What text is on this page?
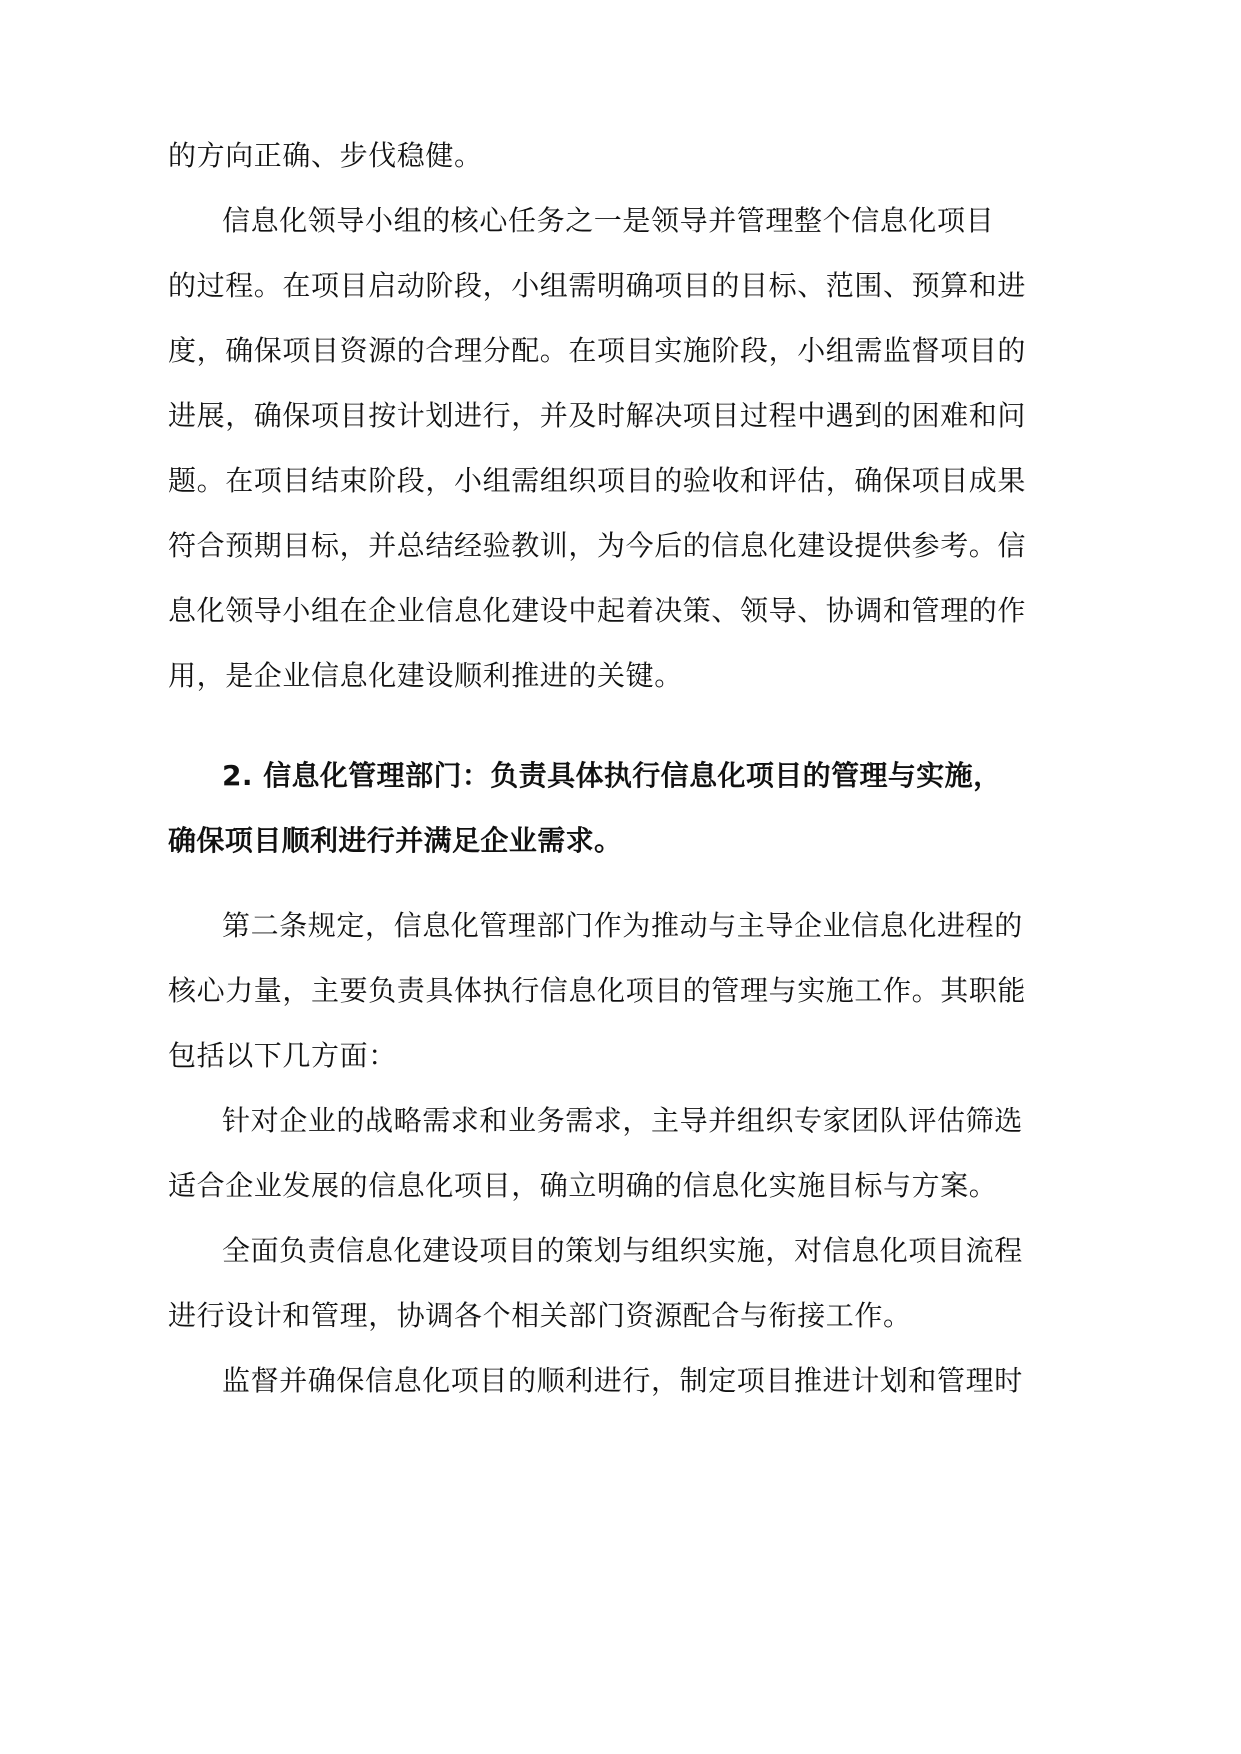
的方向正确、步伐稳健。

信息化领导小组的核心任务之一是领导并管理整个信息化项目

的过程。在项目启动阶段，小组需明确项目的目标、范围、预算和进

度，确保项目资源的合理分配。在项目实施阶段，小组需监督项目的

进展，确保项目按计划进行，并及时解决项目过程中遇到的困难和问

题。在项目结束阶段，小组需组织项目的验收和评估，确保项目成果

符合预期目标，并总结经验教训，为今后的信息化建设提供参考。信

息化领导小组在企业信息化建设中起着决策、领导、协调和管理的作

用，是企业信息化建设顺利推进的关键。

2. 信息化管理部门：负责具体执行信息化项目的管理与实施，

确保项目顺利进行并满足企业需求。

第二条规定，信息化管理部门作为推动与主导企业信息化进程的

核心力量，主要负责具体执行信息化项目的管理与实施工作。其职能

包括以下几方面：

针对企业的战略需求和业务需求，主导并组织专家团队评估筛选

适合企业发展的信息化项目，确立明确的信息化实施目标与方案。

全面负责信息化建设项目的策划与组织实施，对信息化项目流程

进行设计和管理，协调各个相关部门资源配合与衔接工作。

监督并确保信息化项目的顺利进行，制定项目推进计划和管理时
